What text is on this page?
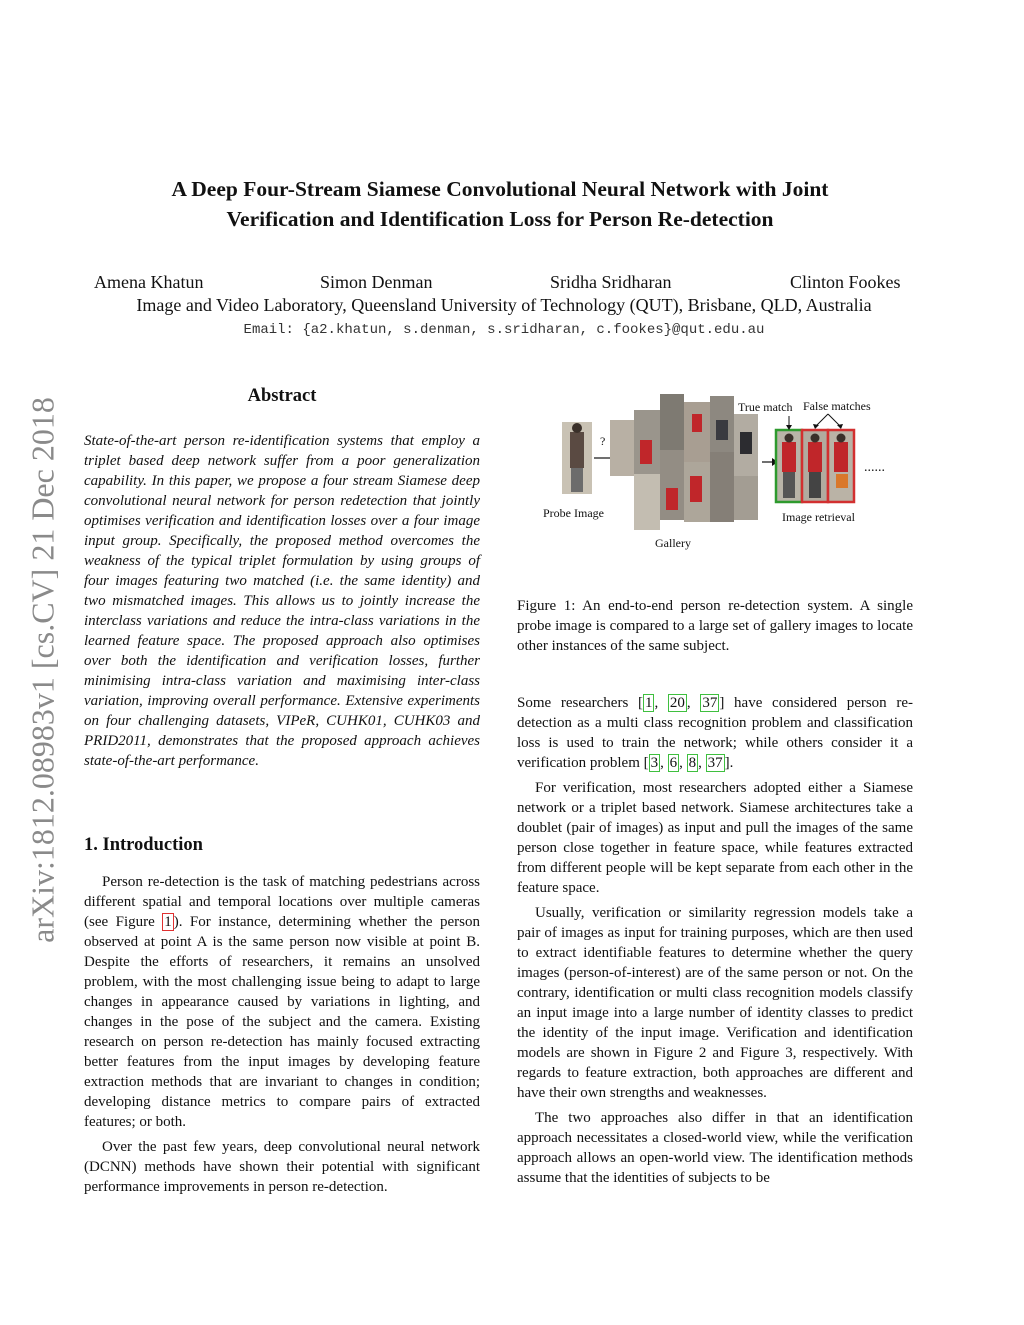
arXiv:1812.08983v1 [cs.CV] 21 Dec 2018
A Deep Four-Stream Siamese Convolutional Neural Network with Joint
Verification and Identification Loss for Person Re-detection
Amena Khatun	Simon Denman	Sridha Sridharan	Clinton Fookes
Image and Video Laboratory, Queensland University of Technology (QUT), Brisbane, QLD, Australia
Email: {a2.khatun, s.denman, s.sridharan, c.fookes}@qut.edu.au
Abstract
State-of-the-art person re-identification systems that employ a triplet based deep network suffer from a poor generalization capability. In this paper, we propose a four stream Siamese deep convolutional neural network for person redetection that jointly optimises verification and identification losses over a four image input group. Specifically, the proposed method overcomes the weakness of the typical triplet formulation by using groups of four images featuring two matched (i.e. the same identity) and two mismatched images. This allows us to jointly increase the interclass variations and reduce the intra-class variations in the learned feature space. The proposed approach also optimises over both the identification and verification losses, further minimising intra-class variation and maximising inter-class variation, improving overall performance. Extensive experiments on four challenging datasets, VIPeR, CUHK01, CUHK03 and PRID2011, demonstrates that the proposed approach achieves state-of-the-art performance.
1. Introduction

Person re-detection is the task of matching pedestrians across different spatial and temporal locations over multiple cameras (see Figure 1 ). For instance, determining whether the person observed at point A is the same person now visible at point B. Despite the efforts of researchers, it remains an unsolved problem, with the most challenging issue being to adapt to large changes in appearance caused by variations in lighting, and changes in the pose of the subject and the camera. Existing research on person re-detection has mainly focused extracting better features from the input images by developing feature extraction methods that are invariant to changes in condition; developing distance metrics to compare pairs of extracted features; or both.

Over the past few years, deep convolutional neural network (DCNN) methods have shown their potential with significant performance improvements in person re-detection.

?
Probe Image
Gallery
Image retrieval
True match False matches
......
Figure 1: An end-to-end person re-detection system. A single probe image is compared to a large set of gallery images to locate other instances of the same subject.

Some researchers [ 1 , 20 , 37 ] have considered person re-detection as a multi class recognition problem and classification loss is used to train the network; while others consider it a verification problem [ 3 , 6 , 8 , 37 ].

For verification, most researchers adopted either a Siamese network or a triplet based network. Siamese architectures take a doublet (pair of images) as input and pull the images of the same person close together in feature space, while features extracted from different people will be kept separate from each other in the feature space.

Usually, verification or similarity regression models take a pair of images as input for training purposes, which are then used to extract identifiable features to determine whether the query images (person-of-interest) are of the same person or not. On the contrary, identification or multi class recognition models classify an input image into a large number of identity classes to predict the identity of the input image. Verification and identification models are shown in Figure 2 and Figure 3, respectively. With regards to feature extraction, both approaches are different and have their own strengths and weaknesses.

The two approaches also differ in that an identification approach necessitates a closed-world view, while the verification approach allows an open-world view. The identification methods assume that the identities of subjects to be
